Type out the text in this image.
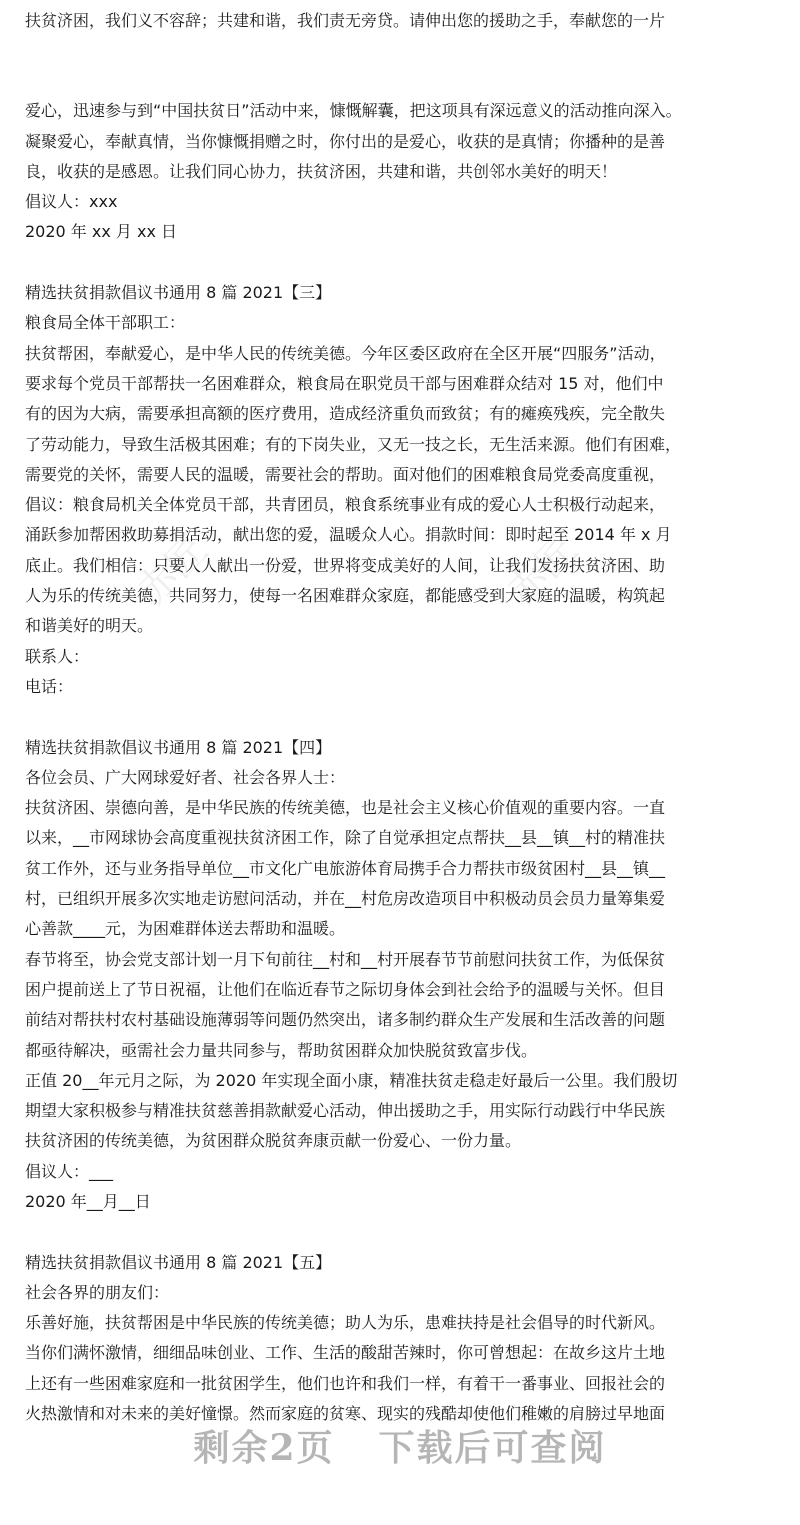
赤匠	赤匠
扶贫济困，我们义不容辞；共建和谐，我们责无旁贷。请伸出您的援助之手，奉献您的一片
爱心，迅速参与到“中国扶贫日”活动中来，慷慨解囊，把这项具有深远意义的活动推向深入。
凝聚爱心，奉献真情，当你慷慨捐赠之时，你付出的是爱心，收获的是真情；你播种的是善
良，收获的是感恩。让我们同心协力，扶贫济困，共建和谐，共创邻水美好的明天！
倡议人：xxx
2020 年 xx 月 xx 日
精选扶贫捐款倡议书通用 8 篇 2021【三】
粮食局全体干部职工：
扶贫帮困，奉献爱心，是中华人民的传统美德。今年区委区政府在全区开展“四服务”活动，
要求每个党员干部帮扶一名困难群众，粮食局在职党员干部与困难群众结对 15 对，他们中
有的因为大病，需要承担高额的医疗费用，造成经济重负而致贫；有的瘫痪残疾，完全散失
了劳动能力，导致生活极其困难；有的下岗失业，又无一技之长，无生活来源。他们有困难，
需要党的关怀，需要人民的温暖，需要社会的帮助。面对他们的困难粮食局党委高度重视，
倡议：粮食局机关全体党员干部，共青团员，粮食系统事业有成的爱心人士积极行动起来，
涌跃参加帮困救助募捐活动，献出您的爱，温暖众人心。捐款时间：即时起至 2014 年 x 月
底止。我们相信：只要人人献出一份爱，世界将变成美好的人间，让我们发扬扶贫济困、助
人为乐的传统美德，共同努力，使每一名困难群众家庭，都能感受到大家庭的温暖，构筑起
和谐美好的明天。
联系人：
电话：
精选扶贫捐款倡议书通用 8 篇 2021【四】
各位会员、广大网球爱好者、社会各界人士：
扶贫济困、崇德向善，是中华民族的传统美德，也是社会主义核心价值观的重要内容。一直
以来，__市网球协会高度重视扶贫济困工作，除了自觉承担定点帮扶__县__镇__村的精准扶
贫工作外，还与业务指导单位__市文化广电旅游体育局携手合力帮扶市级贫困村__县__镇__
村，已组织开展多次实地走访慰问活动，并在__村危房改造项目中积极动员会员力量筹集爱
心善款____元，为困难群体送去帮助和温暖。
春节将至，协会党支部计划一月下旬前往__村和__村开展春节节前慰问扶贫工作，为低保贫
困户提前送上了节日祝福，让他们在临近春节之际切身体会到社会给予的温暖与关怀。但目
前结对帮扶村农村基础设施薄弱等问题仍然突出，诸多制约群众生产发展和生活改善的问题
都亟待解决，亟需社会力量共同参与，帮助贫困群众加快脱贫致富步伐。
正值 20__年元月之际，为 2020 年实现全面小康，精准扶贫走稳走好最后一公里。我们殷切
期望大家积极参与精准扶贫慈善捐款献爱心活动，伸出援助之手，用实际行动践行中华民族
扶贫济困的传统美德，为贫困群众脱贫奔康贡献一份爱心、一份力量。
倡议人：___
2020 年__月__日
精选扶贫捐款倡议书通用 8 篇 2021【五】
社会各界的朋友们：
乐善好施，扶贫帮困是中华民族的传统美德；助人为乐，患难扶持是社会倡导的时代新风。
当你们满怀激情，细细品味创业、工作、生活的酸甜苦辣时，你可曾想起：在故乡这片土地
上还有一些困难家庭和一批贫困学生，他们也许和我们一样，有着干一番事业、回报社会的
火热激情和对未来的美好憧憬。然而家庭的贫寒、现实的残酷却使他们稚嫩的肩膀过早地面
剩余2页 下载后可查阅
